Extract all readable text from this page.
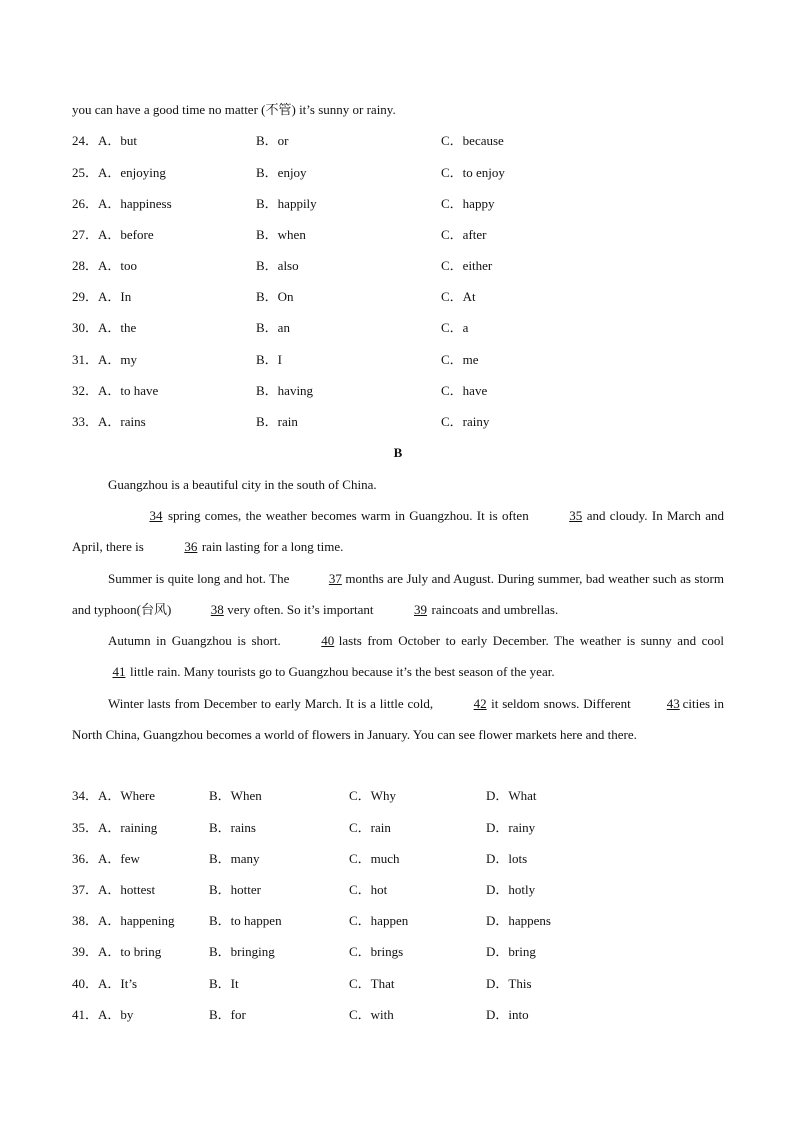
you can have a good time no matter (不管) it’s sunny or rainy.
24．A．but	B．or	C．because
25．A．enjoying	B．enjoy	C．to enjoy
26．A．happiness	B．happily	C．happy
27．A．before	B．when	C．after
28．A．too	B．also	C．either
29．A．In	B．On	C．At
30．A．the	B．an	C．a
31．A．my	B．I	C．me
32．A．to have	B．having	C．have
33．A．rains	B．rain	C．rainy
B
Guangzhou is a beautiful city in the south of China.
34 spring comes, the weather becomes warm in Guangzhou. It is often	35 and cloudy. In March and April, there is	36 rain lasting for a long time.
Summer is quite long and hot. The	37 months are July and August. During summer, bad weather such as storm and typhoon(台风)	38 very often. So it’s important	39 raincoats and umbrellas.
Autumn in Guangzhou is short.	40 lasts from October to early December. The weather is sunny and cool41 little rain. Many tourists go to Guangzhou because it’s the best season of the year.
Winter lasts from December to early March. It is a little cold,	42 it seldom snows. Different	43 cities in North China, Guangzhou becomes a world of flowers in January. You can see flower markets here and there.
34．A．Where	B．When	C．Why	D．What
35．A．raining	B．rains	C．rain	D．rainy
36．A．few	B．many	C．much	D．lots
37．A．hottest	B．hotter	C．hot	D．hotly
38．A．happening	B．to happen	C．happen	D．happens
39．A．to bring	B．bringing	C．brings	D．bring
40．A．It’s	B．It	C．That	D．This
41．A．by	B．for	C．with	D．into
